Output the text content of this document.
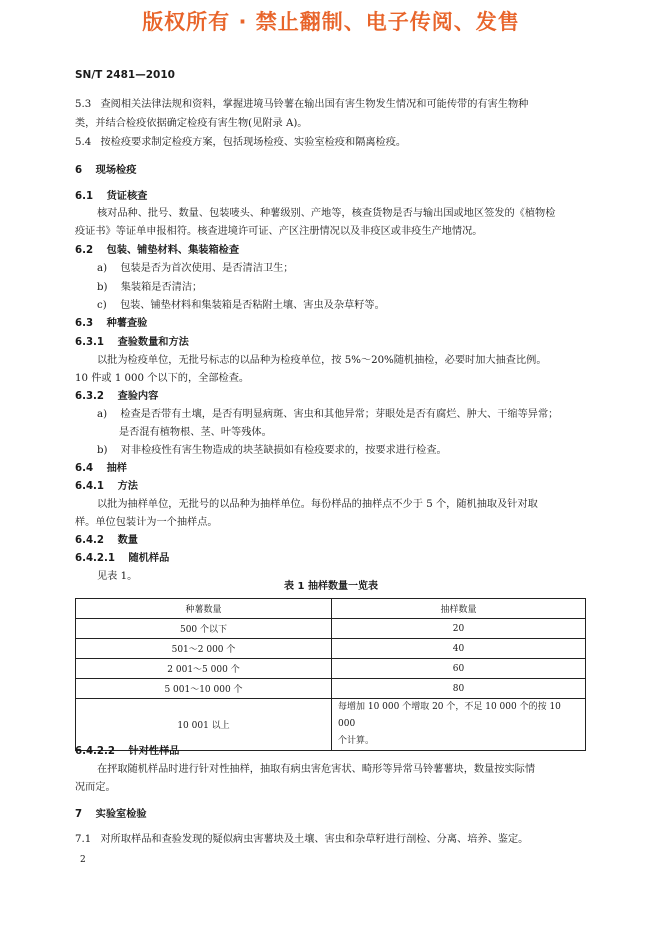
版权所有 · 禁止翻制、电子传阅、发售
SN/T 2481—2010
5.3 查阅相关法律法规和资料，掌握进境马铃薯在输出国有害生物发生情况和可能传带的有害生物种
类，并结合检疫依据确定检疫有害生物(见附录 A)。
5.4 按检疫要求制定检疫方案，包括现场检疫、实验室检疫和隔离检疫。
6 现场检疫
6.1 货证核查
核对品种、批号、数量、包装唛头、种薯级别、产地等，核查货物是否与输出国或地区签发的《植物检
疫证书》等证单申报相符。核查进境许可证、产区注册情况以及非疫区或非疫生产地情况。
6.2 包装、铺垫材料、集装箱检查
a) 包装是否为首次使用、是否清洁卫生；
b) 集装箱是否清洁；
c) 包装、铺垫材料和集装箱是否粘附土壤、害虫及杂草籽等。
6.3 种薯查验
6.3.1 查验数量和方法
以批为检疫单位，无批号标志的以品种为检疫单位，按 5%～20%随机抽检，必要时加大抽查比例。
10 件或 1 000 个以下的，全部检查。
6.3.2 查验内容
a) 检查是否带有土壤，是否有明显病斑、害虫和其他异常；芽眼处是否有腐烂、肿大、干缩等异常；
是否混有植物根、茎、叶等残体。
b) 对非检疫性有害生物造成的块茎缺损如有检疫要求的，按要求进行检查。
6.4 抽样
6.4.1 方法
以批为抽样单位，无批号的以品种为抽样单位。每份样品的抽样点不少于 5 个，随机抽取及针对取
样。单位包装计为一个抽样点。
6.4.2 数量
6.4.2.1 随机样品
见表 1。
表 1 抽样数量一览表
种薯数量	抽样数量
500 个以下	20
501～2 000 个	40
2 001～5 000 个	60
5 001～10 000 个	80
10 001 以上	每增加 10 000 个增取 20 个，不足 10 000 个的按 10 000
个计算。
6.4.2.2 针对性样品
在抨取随机样品时进行针对性抽样，抽取有病虫害危害状、畸形等异常马铃薯薯块，数量按实际情
况而定。
7 实验室检验
7.1 对所取样品和查验发现的疑似病虫害薯块及土壤、害虫和杂草籽进行剖检、分离、培养、鉴定。
2
